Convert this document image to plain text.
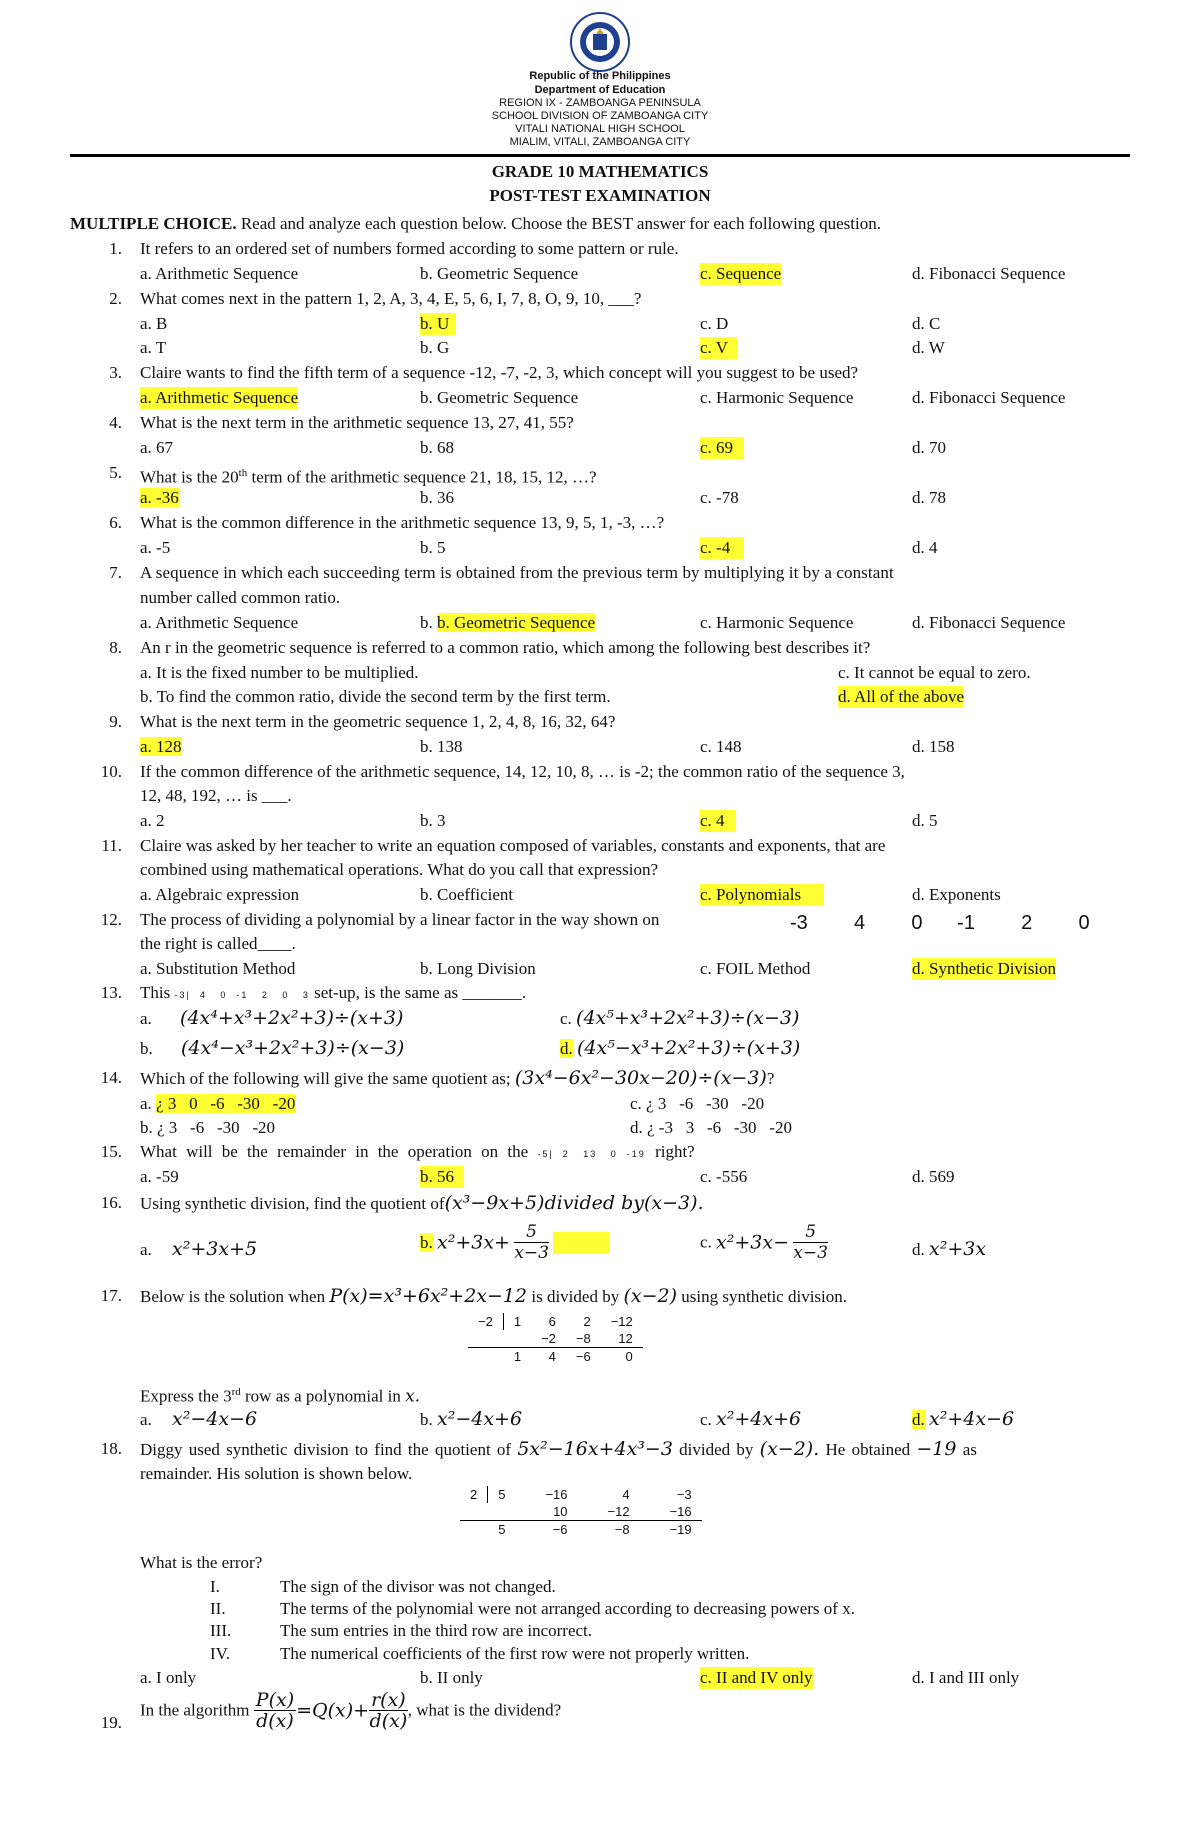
Republic of the Philippines
Department of Education
REGION IX - ZAMBOANGA PENINSULA
SCHOOL DIVISION OF ZAMBOANGA CITY
VITALI NATIONAL HIGH SCHOOL
MIALIM, VITALI, ZAMBOANGA CITY
GRADE 10 MATHEMATICS
POST-TEST EXAMINATION
MULTIPLE CHOICE. Read and analyze each question below. Choose the BEST answer for each following question.
1. It refers to an ordered set of numbers formed according to some pattern or rule.
a. Arithmetic Sequence	b. Geometric Sequence	c. Sequence	d. Fibonacci Sequence
2. What comes next in the pattern 1, 2, A, 3, 4, E, 5, 6, I, 7, 8, O, 9, 10, ___?
a. B	b. U	c. D	d. C
a. T	b. G	c. V	d. W
3. Claire wants to find the fifth term of a sequence -12, -7, -2, 3, which concept will you suggest to be used?
a. Arithmetic Sequence	b. Geometric Sequence	c. Harmonic Sequence	d. Fibonacci Sequence
4. What is the next term in the arithmetic sequence 13, 27, 41, 55?
a. 67	b. 68	c. 69	d. 70
5. What is the 20th term of the arithmetic sequence 21, 18, 15, 12, …?
a. -36	b. 36	c. -78	d. 78
6. What is the common difference in the arithmetic sequence 13, 9, 5, 1, -3, …?
a. -5	b. 5	c. -4	d. 4
7. A sequence in which each succeeding term is obtained from the previous term by multiplying it by a constant
number called common ratio.
a. Arithmetic Sequence	b. b. Geometric Sequence	c. Harmonic Sequence	d. Fibonacci Sequence
8. An r in the geometric sequence is referred to a common ratio, which among the following best describes it?
a. It is the fixed number to be multiplied.	c. It cannot be equal to zero.
b. To find the common ratio, divide the second term by the first term.	d. All of the above
9. What is the next term in the geometric sequence 1, 2, 4, 8, 16, 32, 64?
a. 128	b. 138	c. 148	d. 158
10. If the common difference of the arithmetic sequence, 14, 12, 10, 8, … is -2; the common ratio of the sequence 3,
12, 48, 192, … is ___.
a. 2	b. 3	c. 4	d. 5
11. Claire was asked by her teacher to write an equation composed of variables, constants and exponents, that are
combined using mathematical operations. What do you call that expression?
a. Algebraic expression	b. Coefficient	c. Polynomials	d. Exponents
12. The process of dividing a polynomial by a linear factor in the way shown on
the right is called____.
-3    4    0   -1    2    0
a. Substitution Method	b. Long Division	c. FOIL Method	d. Synthetic Division
13. This -3|  4   0  -1   2   0   3 set-up, is the same as _______.
a. (4x⁴+x³+2x²+3)÷(x+3)	c. (4x⁵+x³+2x²+3)÷(x−3)
b. (4x⁴−x³+2x²+3)÷(x−3)	d. (4x⁵−x³+2x²+3)÷(x+3)
14. Which of the following will give the same quotient as; (3x⁴−6x²−30x−20)÷(x−3)?
a. ¿ 3   0   -6   -30   -20	c. ¿ 3   -6   -30   -20
b. ¿ 3   -6   -30   -20	d. ¿ -3   3   -6   -30   -20
15. What will be the remainder in the operation on the -5|  2   13   0  -19 right?
a. -59	b. 56	c. -556	d. 569
16. Using synthetic division, find the quotient of(x³−9x+5)divided by(x−3).
a. x²+3x+5	b. $x^2+3x+ \frac{5}{x-3}$
	c. $x^2+3x- \frac{5}{x-3}$	d. x²+3x
17. Below is the solution when P(x)=x³+6x²+2x−12 is divided by (x−2) using synthetic division.
−2	1	6	2	−12
		−2	−8	12
	1	4	−6	0
Express the 3rd row as a polynomial in x.
a. x²−4x−6	b. x²−4x+6	c. x²+4x+6	d. x²+4x−6
18. Diggy used synthetic division to find the quotient of 5x²−16x+4x³−3 divided by (x−2). He obtained −19 as
remainder. His solution is shown below.
2	5	−16	4	−3
		10	−12	−16
	5	−6	−8	−19
What is the error?
I.	The sign of the divisor was not changed.
II.	The terms of the polynomial were not arranged according to decreasing powers of x.
III.	The sum entries in the third row are incorrect.
IV.	The numerical coefficients of the first row were not properly written.
a. I only	b. II only	c. II and IV only	d. I and III only
19.
In the algorithm $\frac{P(x)}{d(x)} =Q(x)+ \frac{r(x)}{d(x)}$ , what is the dividend?
